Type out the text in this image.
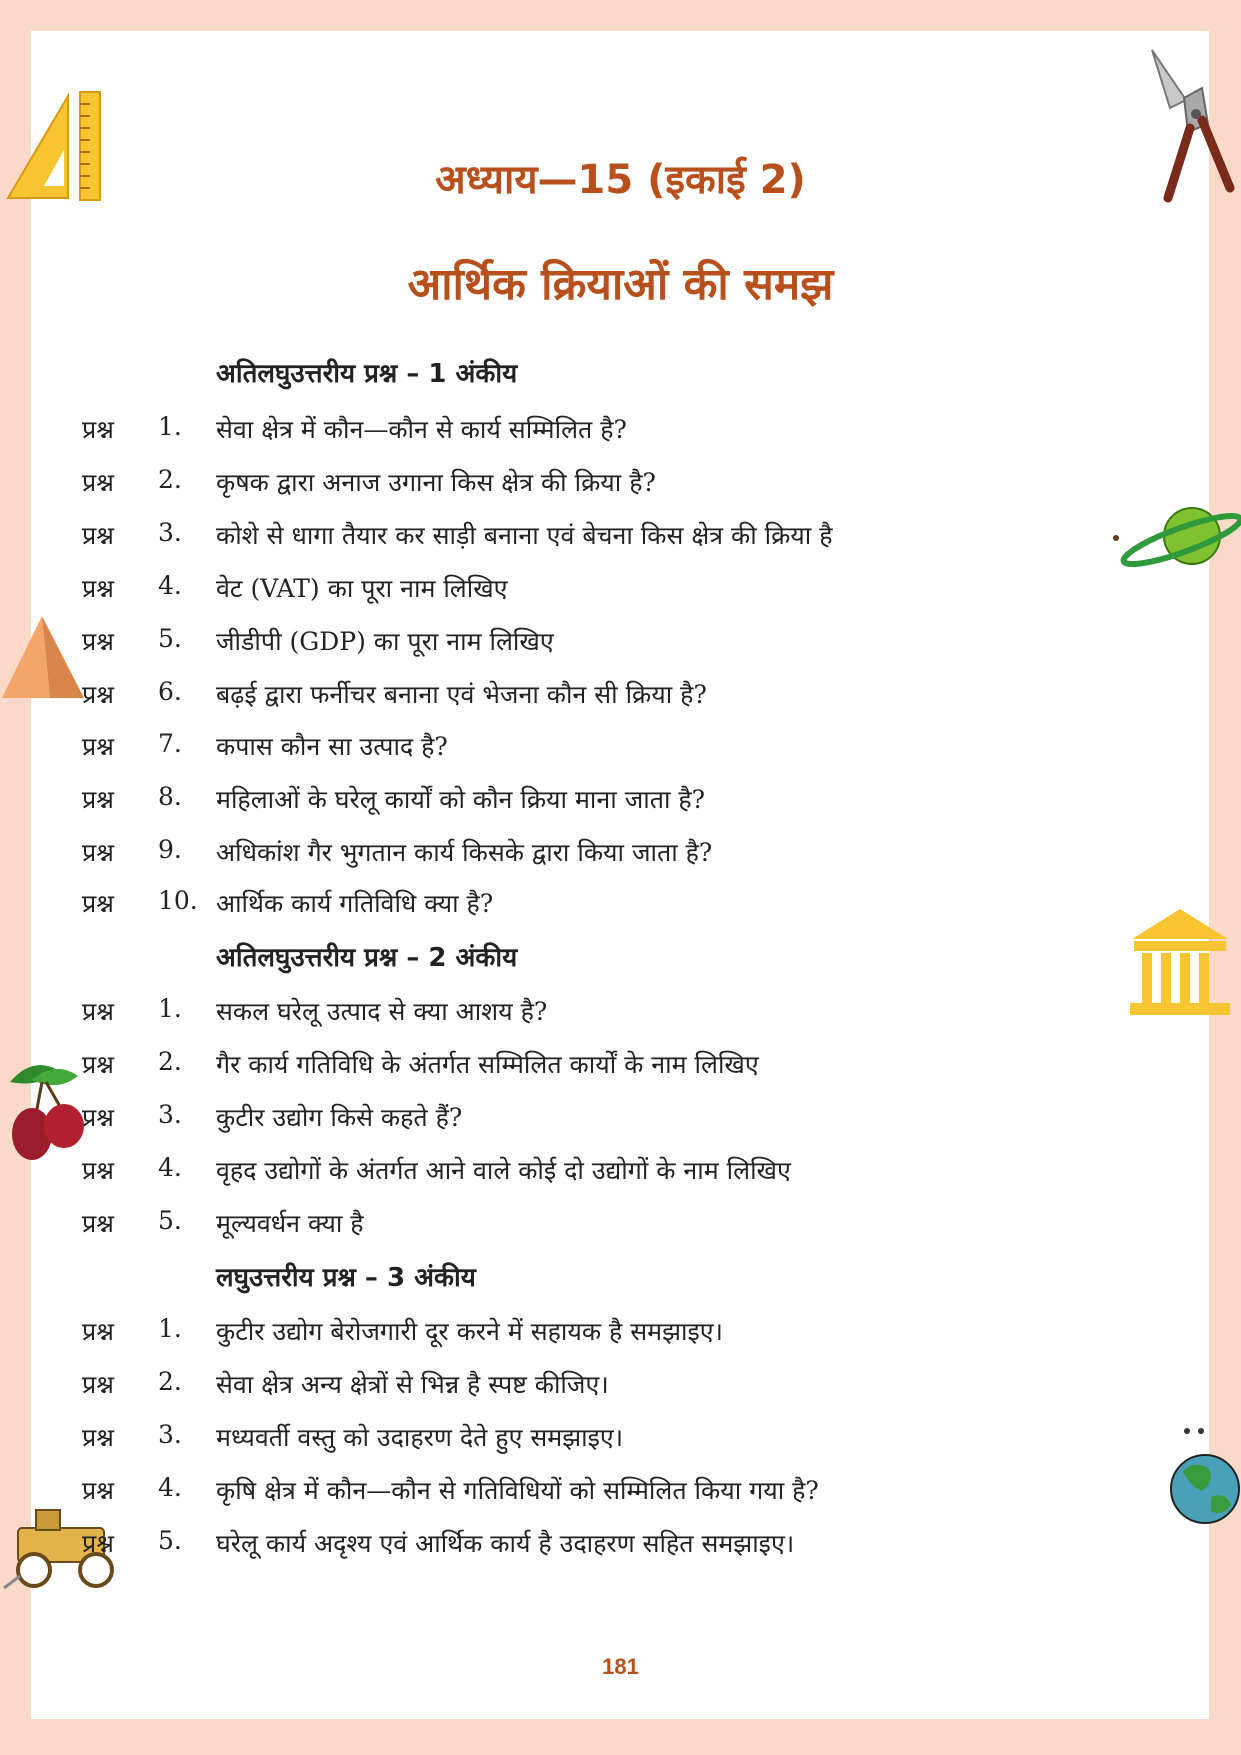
अध्याय—15 (इकाई 2)
आर्थिक क्रियाओं की समझ
अतिलघुउत्तरीय प्रश्न – 1 अंकीय
प्रश्न 1. सेवा क्षेत्र में कौन—कौन से कार्य सम्मिलित है?
प्रश्न 2. कृषक द्वारा अनाज उगाना किस क्षेत्र की क्रिया है?
प्रश्न 3. कोशे से धागा तैयार कर साड़ी बनाना एवं बेचना किस क्षेत्र की क्रिया है
प्रश्न 4. वेट (VAT) का पूरा नाम लिखिए
प्रश्न 5. जीडीपी (GDP) का पूरा नाम लिखिए
प्रश्न 6. बढ़ई द्वारा फर्नीचर बनाना एवं भेजना कौन सी क्रिया है?
प्रश्न 7. कपास कौन सा उत्पाद है?
प्रश्न 8. महिलाओं के घरेलू कार्यों को कौन क्रिया माना जाता है?
प्रश्न 9. अधिकांश गैर भुगतान कार्य किसके द्वारा किया जाता है?
प्रश्न 10. आर्थिक कार्य गतिविधि क्या है?
अतिलघुउत्तरीय प्रश्न – 2 अंकीय
प्रश्न 1. सकल घरेलू उत्पाद से क्या आशय है?
प्रश्न 2. गैर कार्य गतिविधि के अंतर्गत सम्मिलित कार्यों के नाम लिखिए
प्रश्न 3. कुटीर उद्योग किसे कहते हैं?
प्रश्न 4. वृहद उद्योगों के अंतर्गत आने वाले कोई दो उद्योगों के नाम लिखिए
प्रश्न 5. मूल्यवर्धन क्या है
लघुउत्तरीय प्रश्न – 3 अंकीय
प्रश्न 1. कुटीर उद्योग बेरोजगारी दूर करने में सहायक है समझाइए।
प्रश्न 2. सेवा क्षेत्र अन्य क्षेत्रों से भिन्न है स्पष्ट कीजिए।
प्रश्न 3. मध्यवर्ती वस्तु को उदाहरण देते हुए समझाइए।
प्रश्न 4. कृषि क्षेत्र में कौन—कौन से गतिविधियों को सम्मिलित किया गया है?
प्रश्न 5. घरेलू कार्य अदृश्य एवं आर्थिक कार्य है उदाहरण सहित समझाइए।
181
